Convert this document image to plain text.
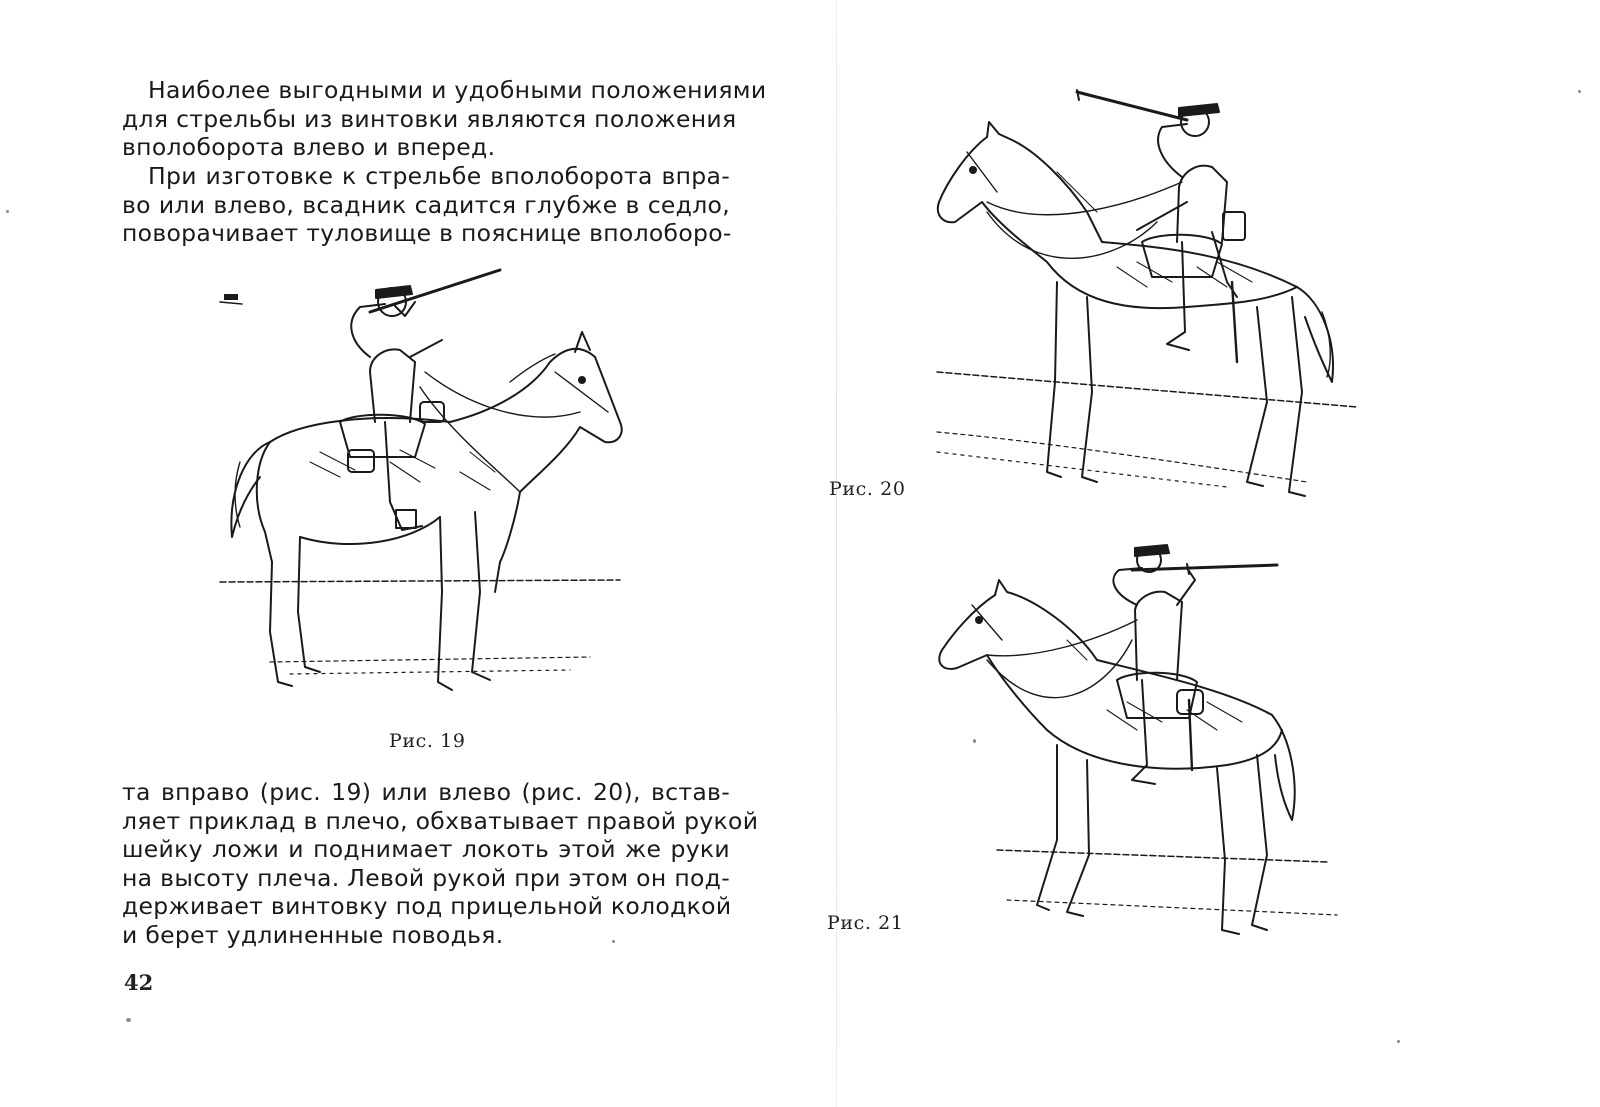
Наиболее выгодными и удобными положениями
для стрельбы из винтовки являются положения
вполоборота влево и вперед.

При изготовке к стрельбе вполоборота впра-
во или влево, всадник садится глубже в седло,
поворачивает туловище в пояснице вполоборо-

Рис. 19

та вправо (рис. 19) или влево (рис. 20), встав-
ляет приклад в плечо, обхватывает правой рукой
шейку ложи и поднимает локоть этой же руки
на высоту плеча. Левой рукой при этом он под-
держивает винтовку под прицельной колодкой
и берет удлиненные поводья.

42
Рис. 20
Рис. 21
